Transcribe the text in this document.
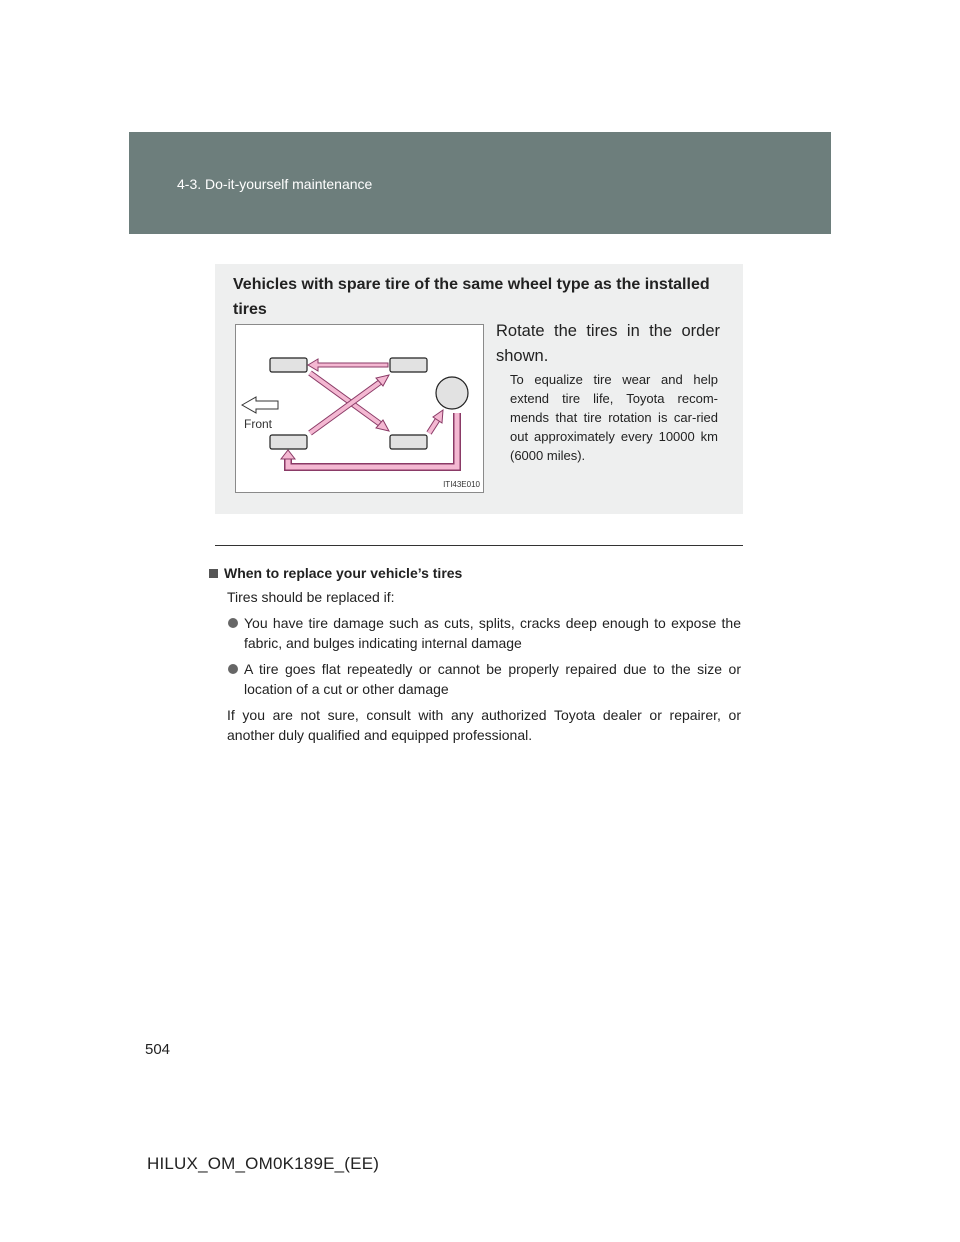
4-3. Do-it-yourself maintenance
Vehicles with spare tire of the same wheel type as the installed tires
Front
ITI43E010
Rotate the tires in the order shown.
To equalize tire wear and help extend tire life, Toyota recom-mends that tire rotation is car-ried out approximately every 10000 km (6000 miles).
When to replace your vehicle’s tires
Tires should be replaced if:
You have tire damage such as cuts, splits, cracks deep enough to expose the fabric, and bulges indicating internal damage
A tire goes flat repeatedly or cannot be properly repaired due to the size or location of a cut or other damage
If you are not sure, consult with any authorized Toyota dealer or repairer, or another duly qualified and equipped professional.
504
HILUX_OM_OM0K189E_(EE)
